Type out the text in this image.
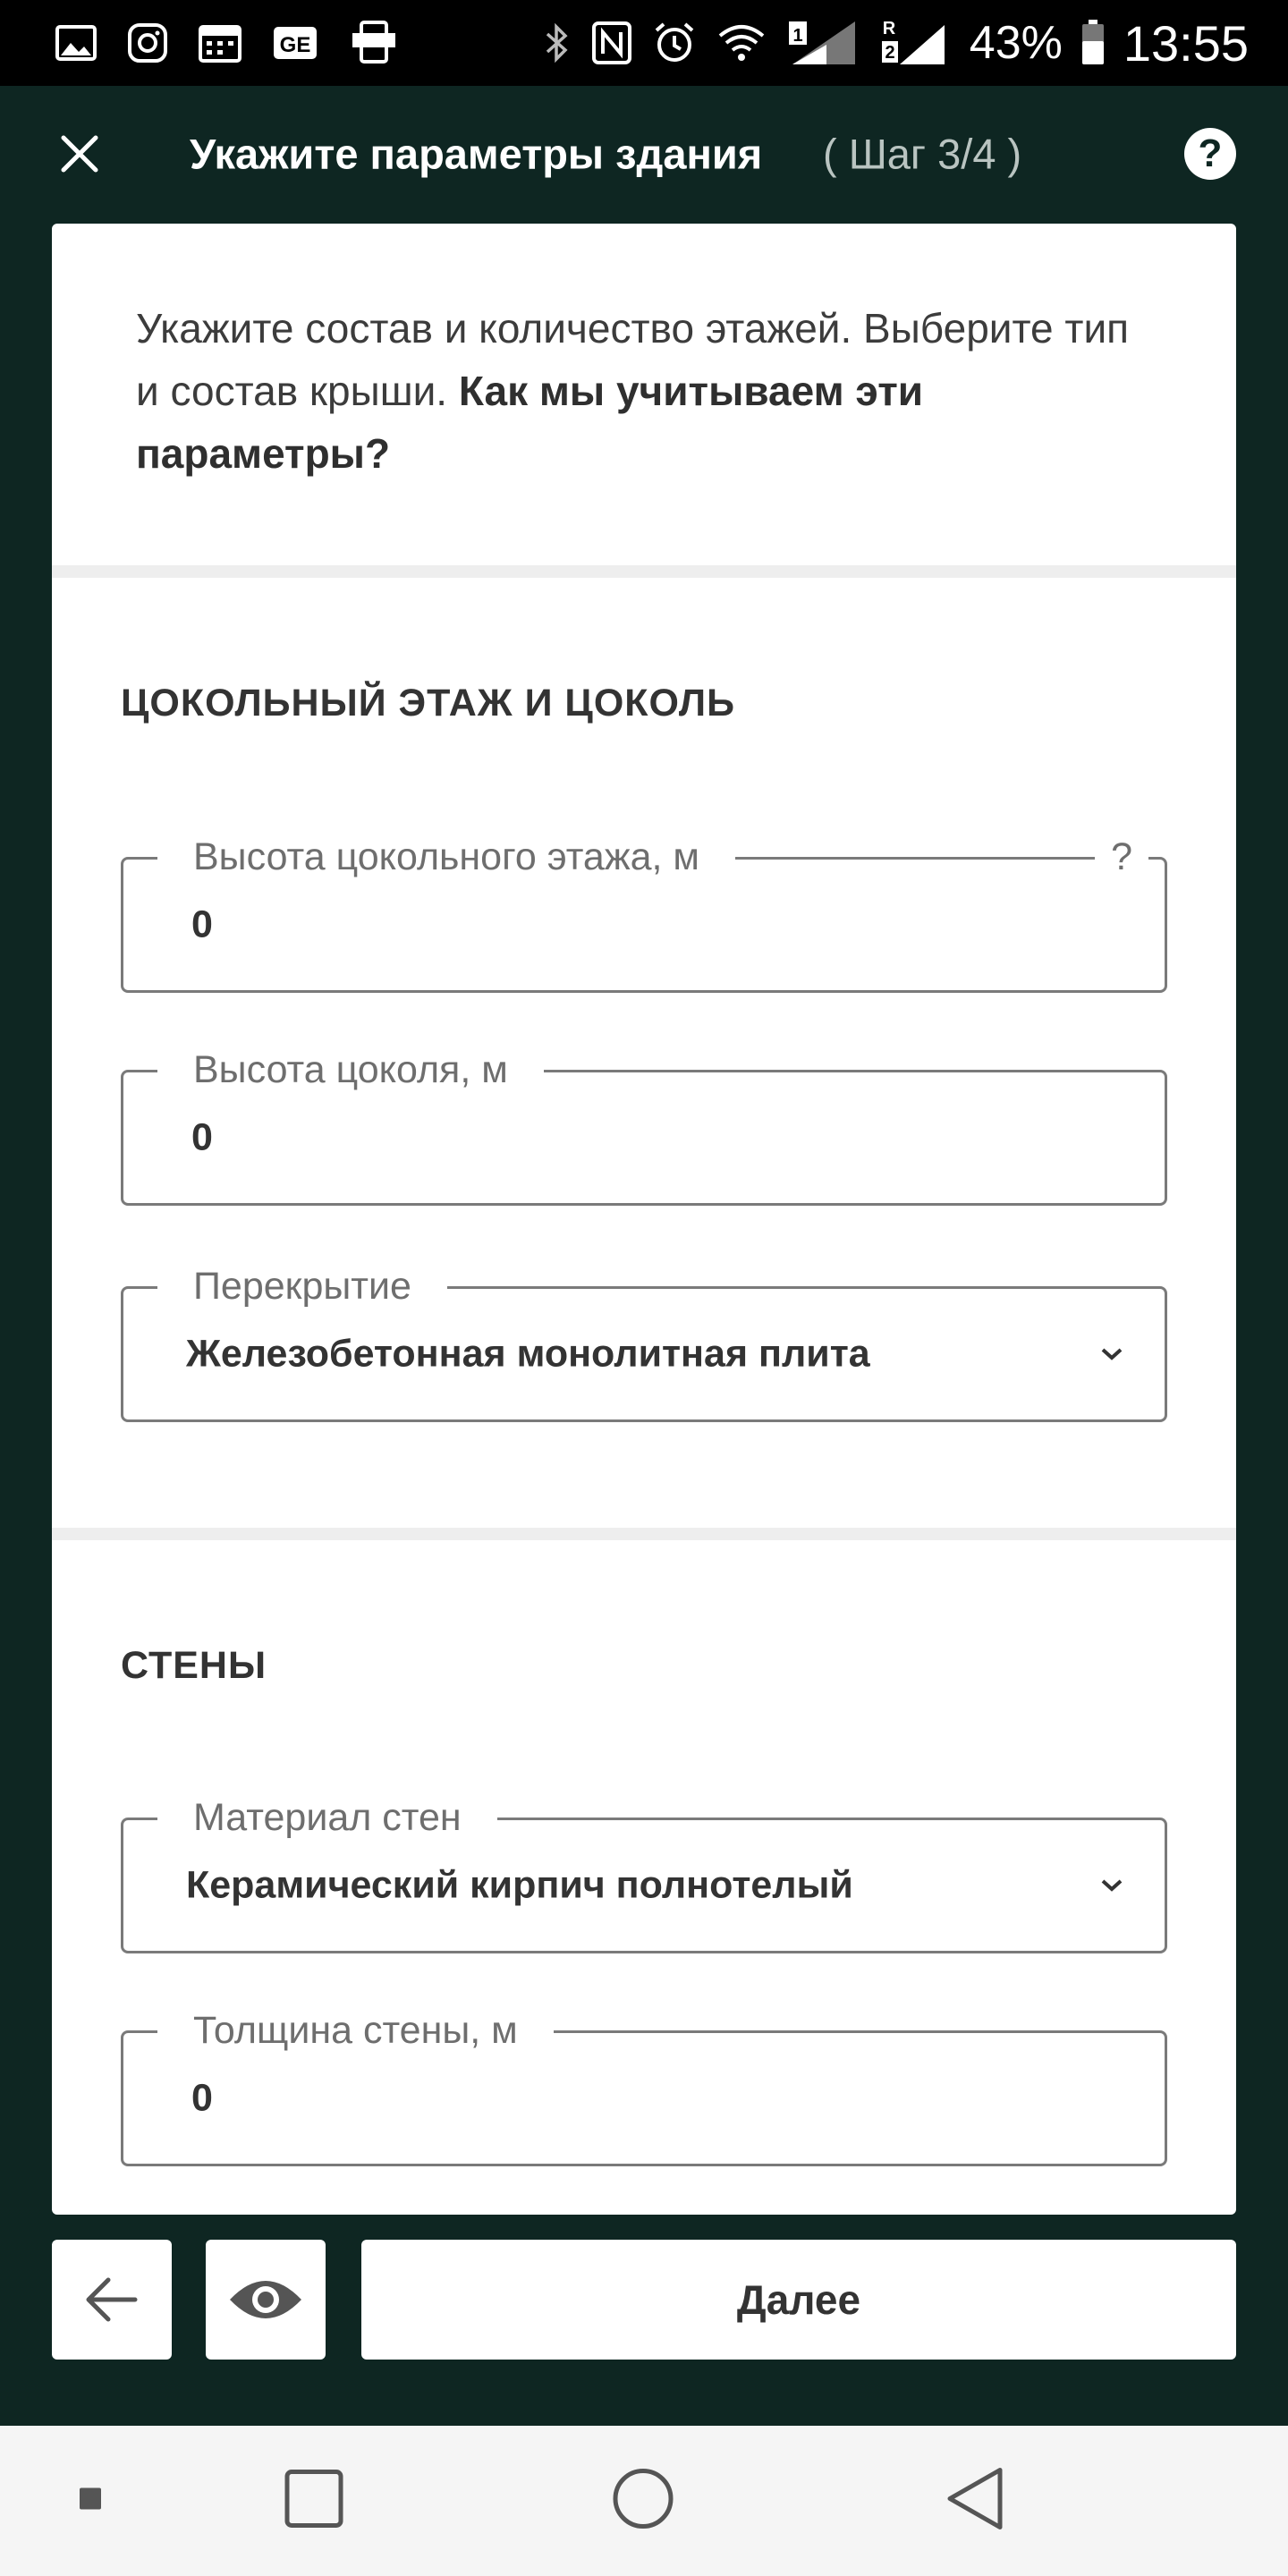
GE	1	R
2 43% 13:55
Укажите параметры здания ( Шаг 3/4 )	?
Укажите состав и количество этажей. Выберите тип и состав крыши. Как мы учитываем эти параметры?
ЦОКОЛЬНЫЙ ЭТАЖ И ЦОКОЛЬ
Высота цокольного этажа, м	?
0
Высота цоколя, м
0
Перекрытие
Железобетонная монолитная плита
СТЕНЫ
Материал стен
Керамический кирпич полнотелый
Толщина стены, м
0
Далее
